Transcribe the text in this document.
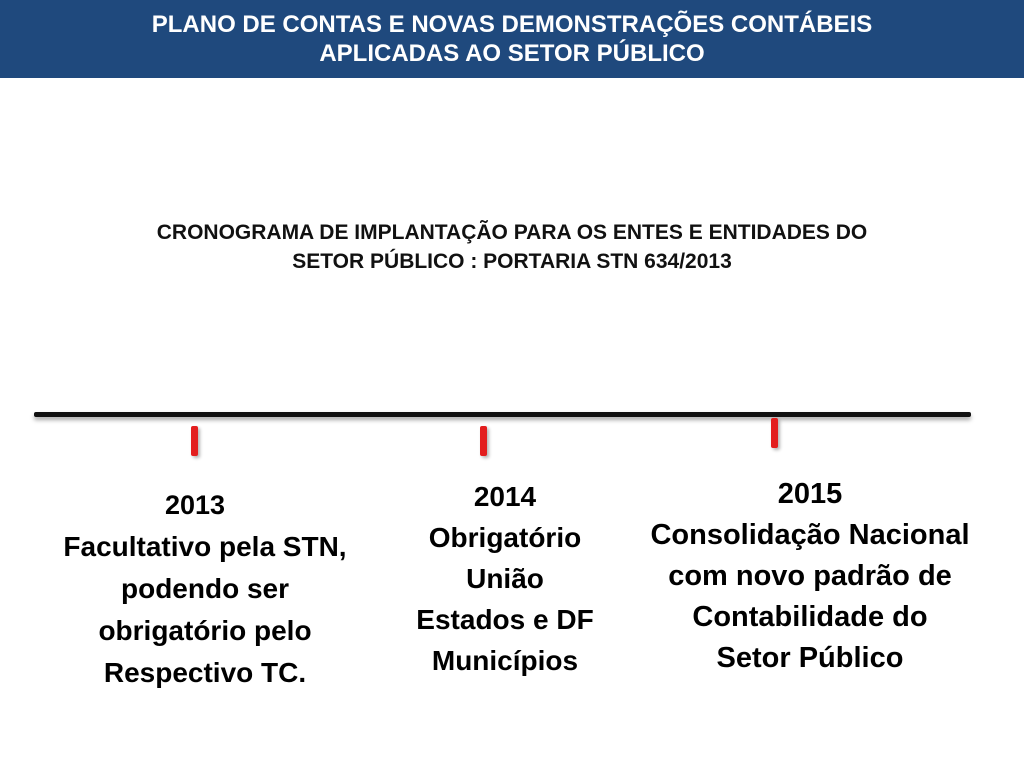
PLANO DE CONTAS E NOVAS DEMONSTRAÇÕES CONTÁBEIS
APLICADAS AO SETOR PÚBLICO
CRONOGRAMA DE IMPLANTAÇÃO PARA OS ENTES E ENTIDADES DO
SETOR PÚBLICO : PORTARIA STN 634/2013
2013
Facultativo pela STN,
podendo ser
obrigatório pelo
Respectivo TC.
2014
Obrigatório
União
Estados e DF
Municípios
2015
Consolidação Nacional
com novo padrão de
Contabilidade do
Setor Público
